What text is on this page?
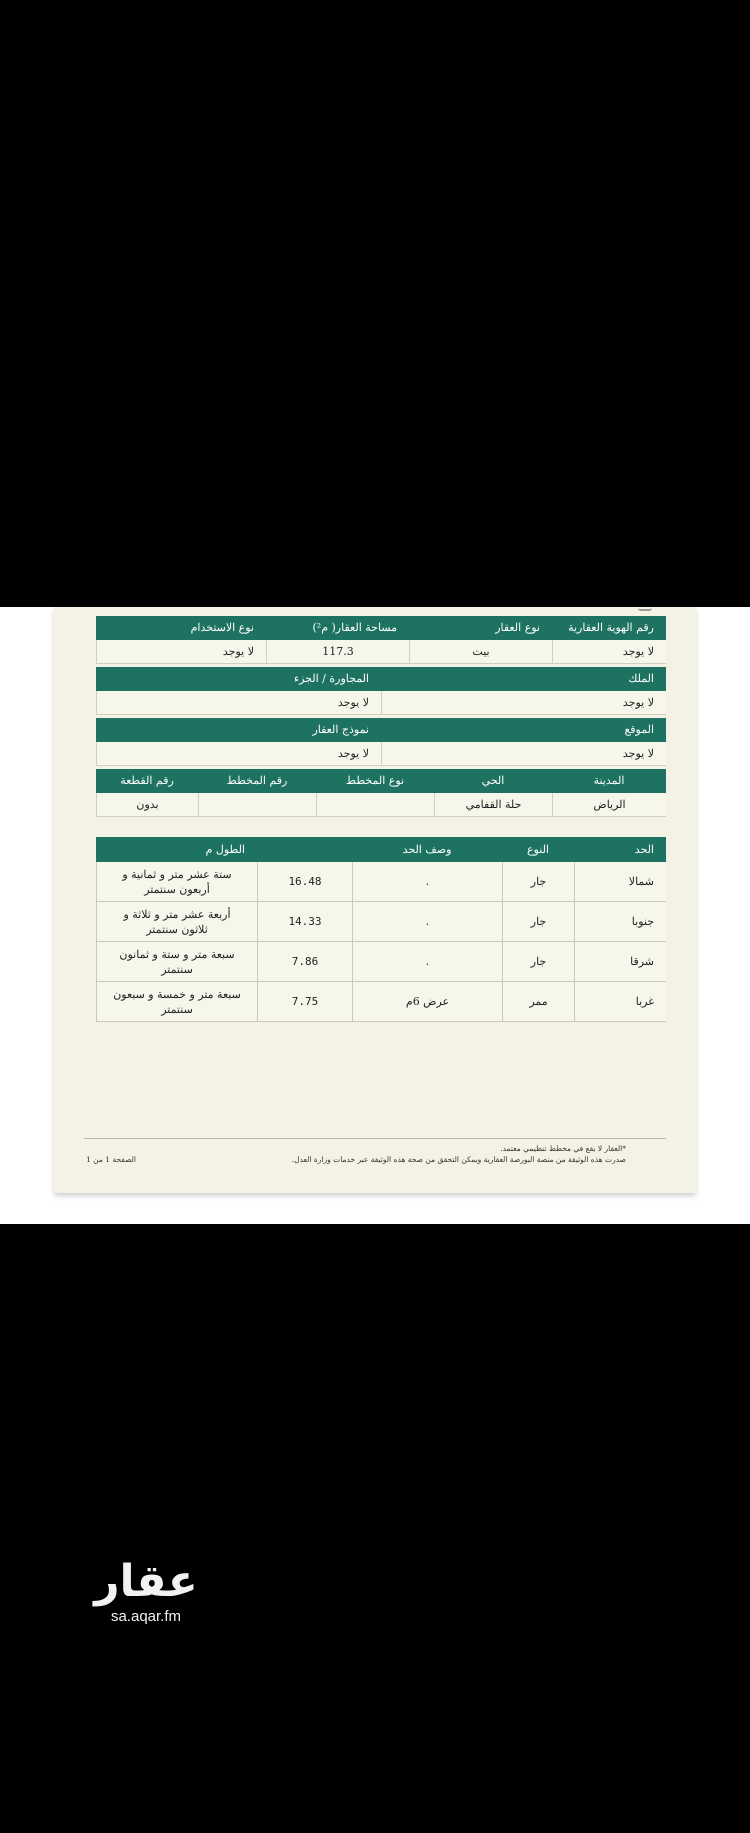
رقم الهوية العقارية
نوع العقار
مساحة العقار( م²)
نوع الاستخدام
لا يوجد
بيت
117.3
لا يوجد
الملك
المجاورة / الجزء
لا يوجد
لا يوجد
الموقع
نموذج العقار
لا يوجد
لا يوجد
المدينة
الحي
نوع المخطط
رقم المخطط
رقم القطعة
الرياض
حلة القفامي
بدون
الحد
النوع
وصف الحد
الطول م
شمالا
جار
.
16.48
ستة عشر متر و ثمانية و أربعون سنتمتر
جنوبا
جار
.
14.33
أربعة عشر متر و ثلاثة و ثلاثون سنتمتر
شرقا
جار
.
7.86
سبعة متر و ستة و ثمانون سنتمتر
غربا
ممر
عرض 6م
7.75
سبعة متر و خمسة و سبعون سنتمتر
*العقار لا يقع في مخطط تنظيمي معتمد.
صدرت هذه الوثيقة من منصة البورصة العقارية ويمكن التحقق من صحة هذه الوثيقة عبر خدمات وزارة العدل.
الصفحة 1 من 1
عقار
sa.aqar.fm
